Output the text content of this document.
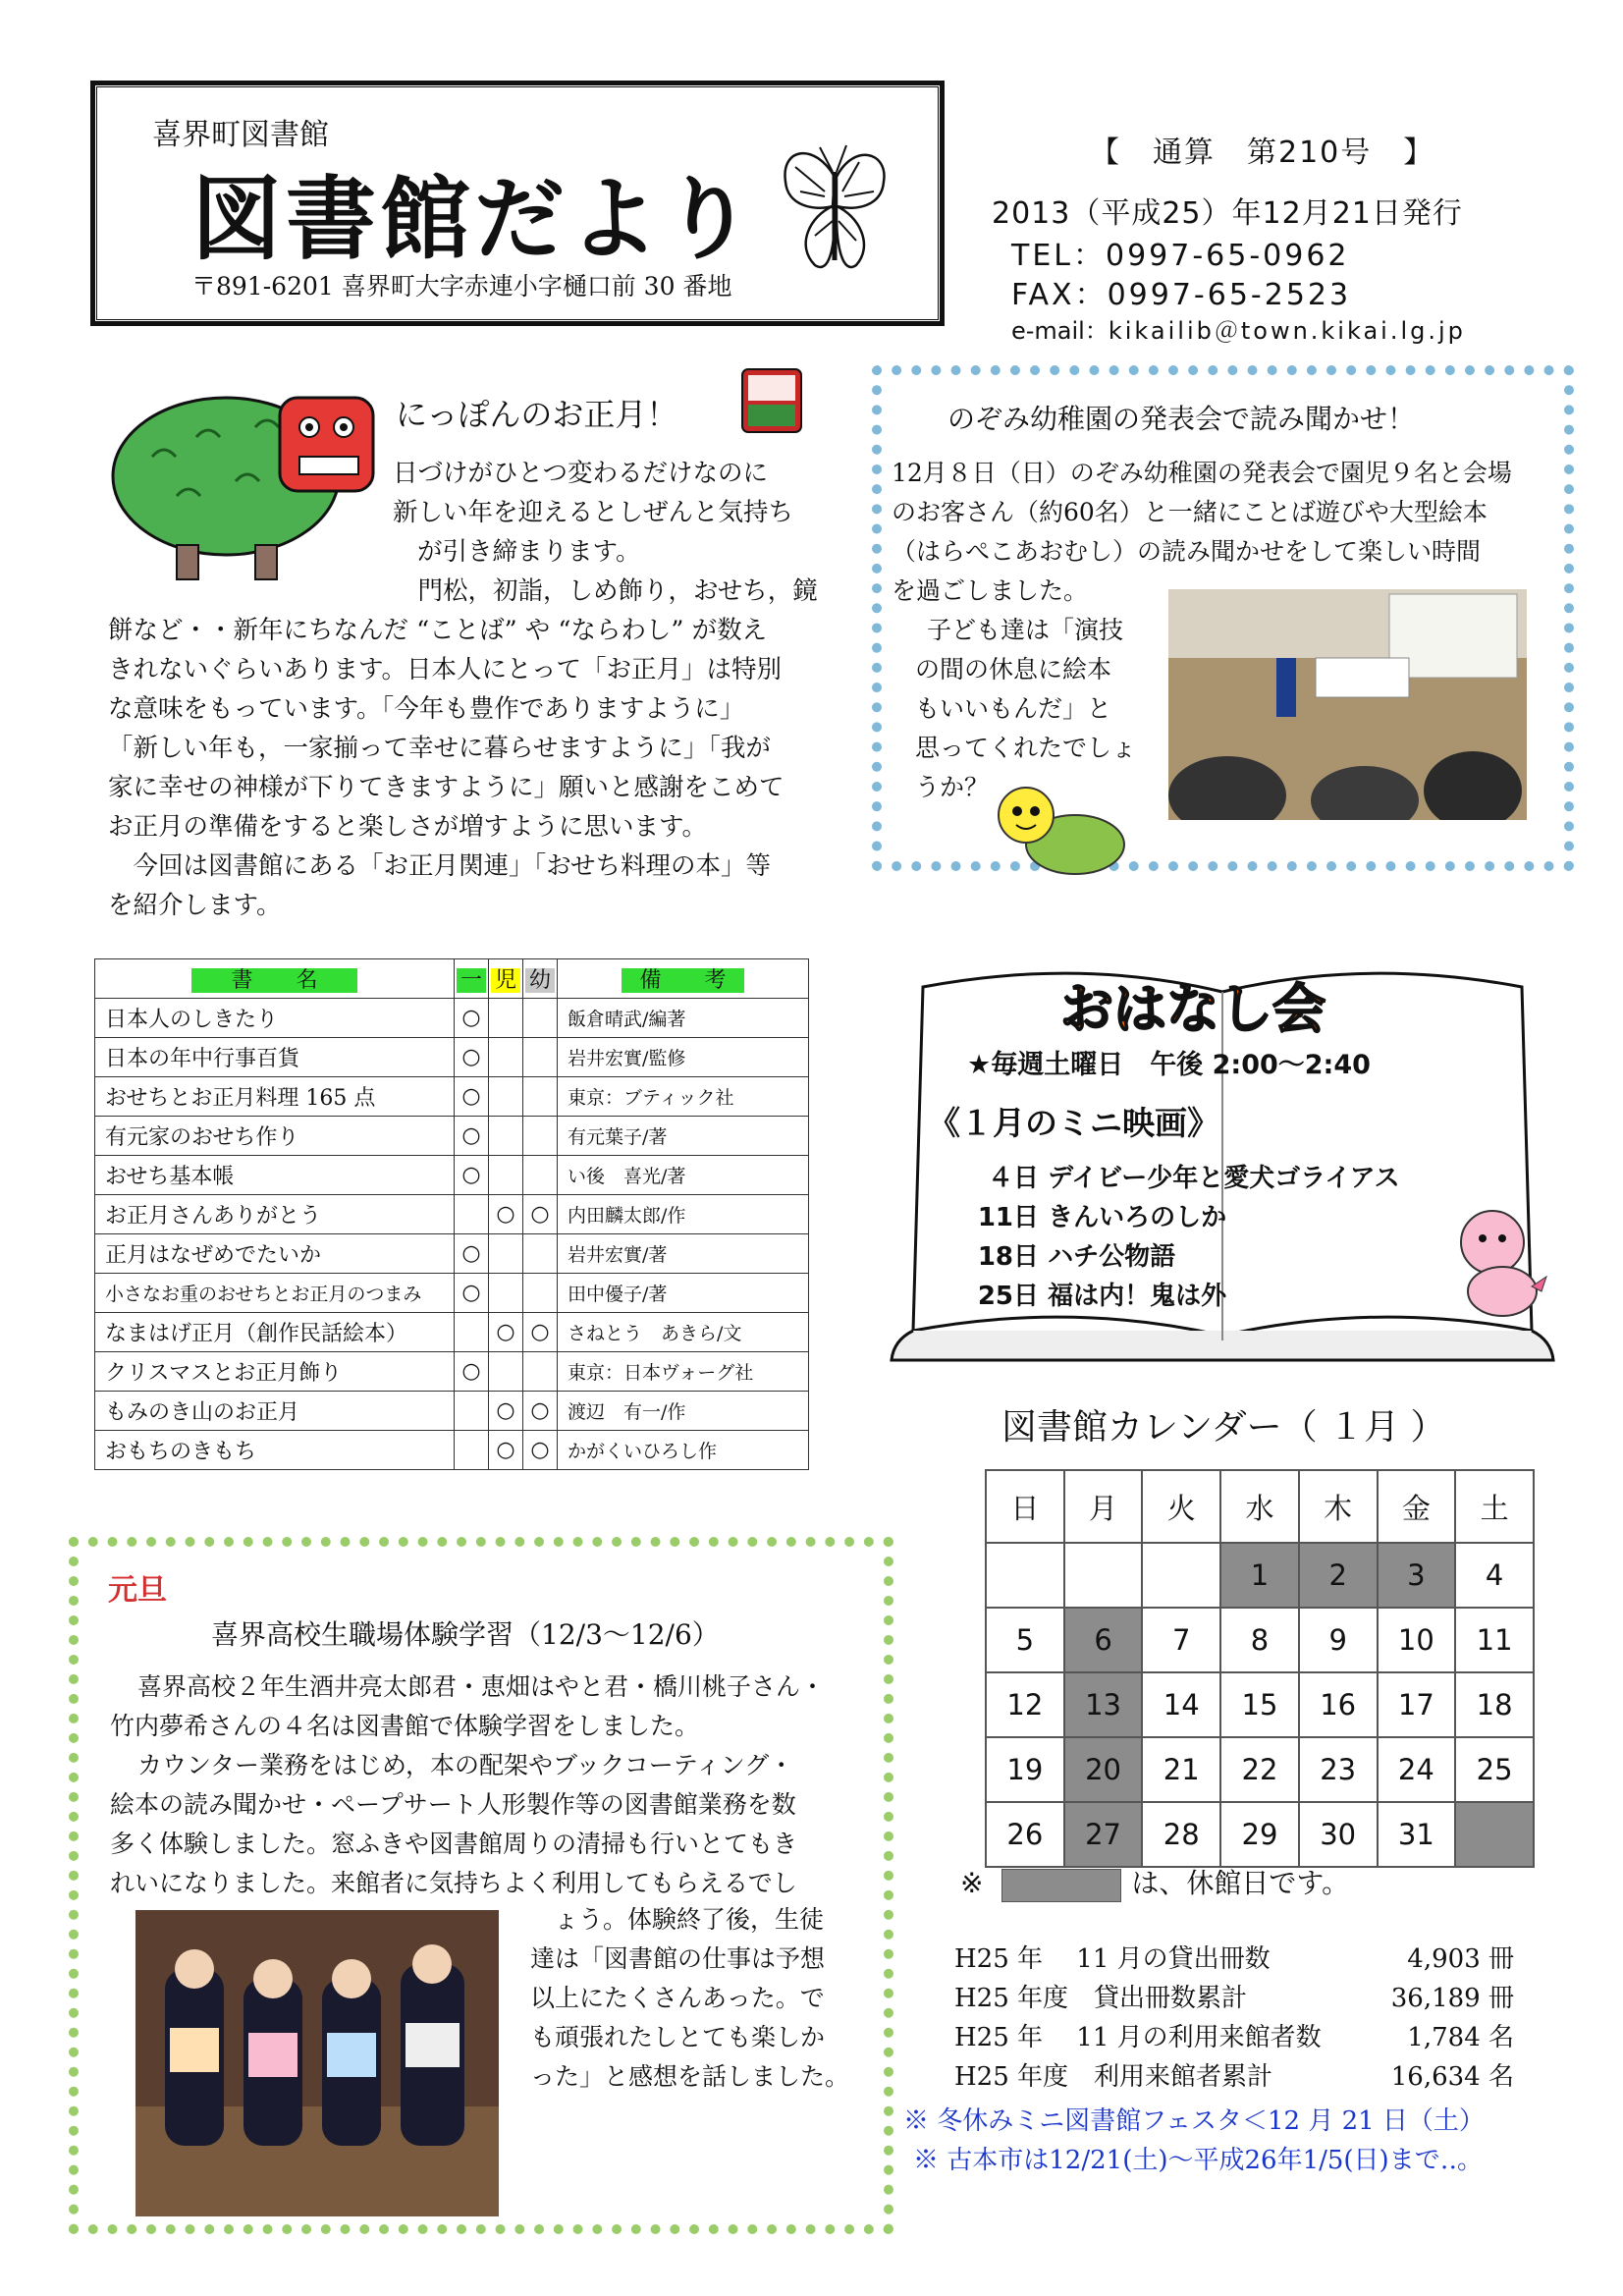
喜界町図書館
図書館だより
〒891-6201 喜界町大字赤連小字樋口前 30 番地
【　通算　第210号　】
2013（平成25）年12月21日発行
TEL：0997-65-0962
FAX：0997-65-2523
e-mail：kikailib＠town.kikai.lg.jp
にっぽんのお正月！

日づけがひとつ変わるだけなのに

新しい年を迎えるとしぜんと気持ち

が引き締まります。

門松，初詣，しめ飾り，おせち，鏡

餅など・・新年にちなんだ “ことば” や “ならわし” が数え

きれないぐらいあります。日本人にとって「お正月」は特別

な意味をもっています。「今年も豊作でありますように」

「新しい年も，一家揃って幸せに暮らせますように」「我が

家に幸せの神様が下りてきますように」願いと感謝をこめて

お正月の準備をすると楽しさが増すように思います。

今回は図書館にある「お正月関連」「おせち料理の本」等

を紹介します。

のぞみ幼稚園の発表会で読み聞かせ！
12月８日（日）のぞみ幼稚園の発表会で園児９名と会場
のお客さん（約60名）と一緒にことば遊びや大型絵本
（はらぺこあおむし）の読み聞かせをして楽しい時間
を過ごしました。
子ども達は「演技
の間の休息に絵本
もいいもんだ」と
思ってくれたでしょ
うか？
書　　名	一	児	幼	備　　考
日本人のしきたり	○			飯倉晴武/編著
日本の年中行事百貨	○			岩井宏實/監修
おせちとお正月料理 165 点	○			東京：ブティック社
有元家のおせち作り	○			有元葉子/著
おせち基本帳	○			い後　喜光/著
お正月さんありがとう		○	○	内田麟太郎/作
正月はなぜめでたいか	○			岩井宏實/著
小さなお重のおせちとお正月のつまみ	○			田中優子/著
なまはげ正月（創作民話絵本）		○	○	さねとう　あきら/文
クリスマスとお正月飾り	○			東京：日本ヴォーグ社
もみのき山のお正月		○	○	渡辺　有一/作
おもちのきもち		○	○	かがくいひろし作
おはなし会
★毎週土曜日　午後 2:00～2:40
《１月のミニ映画》
４日 デイビー少年と愛犬ゴライアス
11日 きんいろのしか
18日 ハチ公物語
25日 福は内！鬼は外
図書館カレンダー（ １月 ）
日	月	火	水	木	金	土
			1	2	3	4
5	6	7	8	9	10	11
12	13	14	15	16	17	18
19	20	21	22	23	24	25
26	27	28	29	30	31	
※	は、休館日です。
H25 年　 11 月の貸出冊数	4,903 冊
H25 年度　貸出冊数累計	36,189 冊
H25 年　 11 月の利用来館者数	1,784 名
H25 年度　利用来館者累計	16,634 名
※ 冬休みミニ図書館フェスタ＜12 月 21 日（土）
※ 古本市は12/21(土)～平成26年1/5(日)まで‥。
元旦
喜界高校生職場体験学習（12/3～12/6）
喜界高校２年生酒井亮太郎君・恵畑はやと君・橋川桃子さん・
竹内夢希さんの４名は図書館で体験学習をしました。
カウンター業務をはじめ，本の配架やブックコーティング・
絵本の読み聞かせ・ペープサート人形製作等の図書館業務を数
多く体験しました。窓ふきや図書館周りの清掃も行いとてもき
れいになりました。来館者に気持ちよく利用してもらえるでし
ょう。体験終了後，生徒
達は「図書館の仕事は予想
以上にたくさんあった。で
も頑張れたしとても楽しか
った」と感想を話しました。
